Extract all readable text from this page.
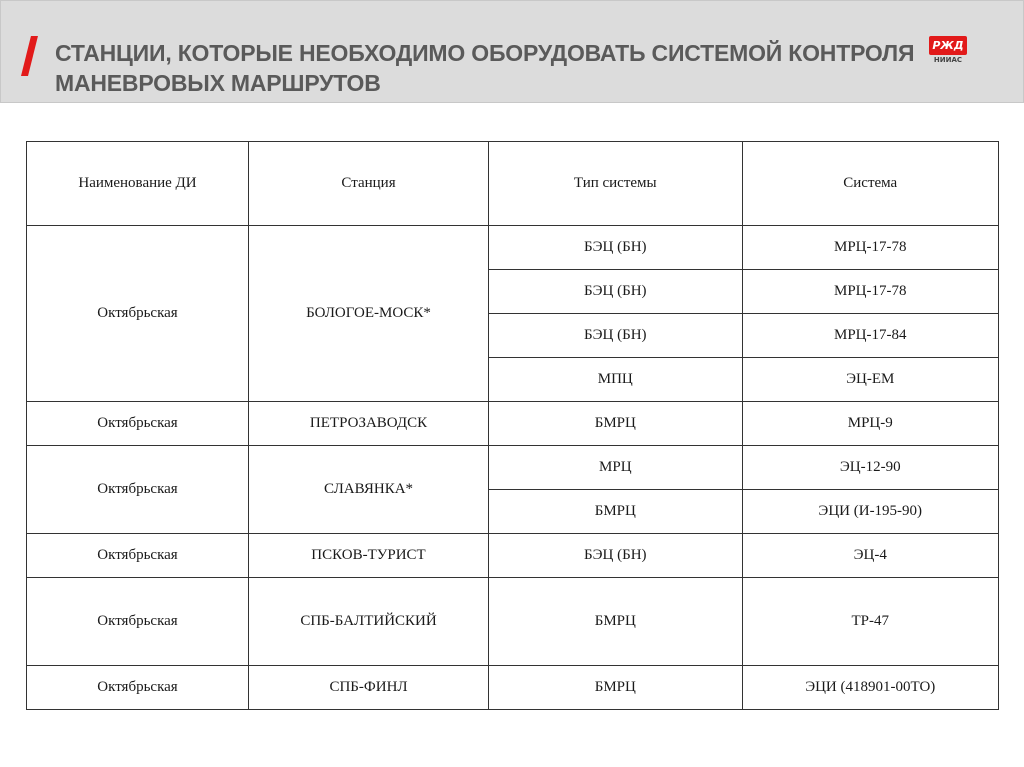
СТАНЦИИ, КОТОРЫЕ НЕОБХОДИМО ОБОРУДОВАТЬ СИСТЕМОЙ КОНТРОЛЯ
МАНЕВРОВЫХ МАРШРУТОВ
РЖД
НИИАС
Наименование ДИ	Станция	Тип системы	Система
Октябрьская	БОЛОГОЕ-МОСК*	БЭЦ (БН)	МРЦ-17-78
		БЭЦ (БН)	МРЦ-17-78
		БЭЦ (БН)	МРЦ-17-84
		МПЦ	ЭЦ-ЕМ
Октябрьская	ПЕТРОЗАВОДСК	БМРЦ	МРЦ-9
Октябрьская	СЛАВЯНКА*	МРЦ	ЭЦ-12-90
		БМРЦ	ЭЦИ (И-195-90)
Октябрьская	ПСКОВ-ТУРИСТ	БЭЦ (БН)	ЭЦ-4
Октябрьская	СПБ-БАЛТИЙСКИЙ	БМРЦ	ТР-47
Октябрьская	СПБ-ФИНЛ	БМРЦ	ЭЦИ (418901-00ТО)
